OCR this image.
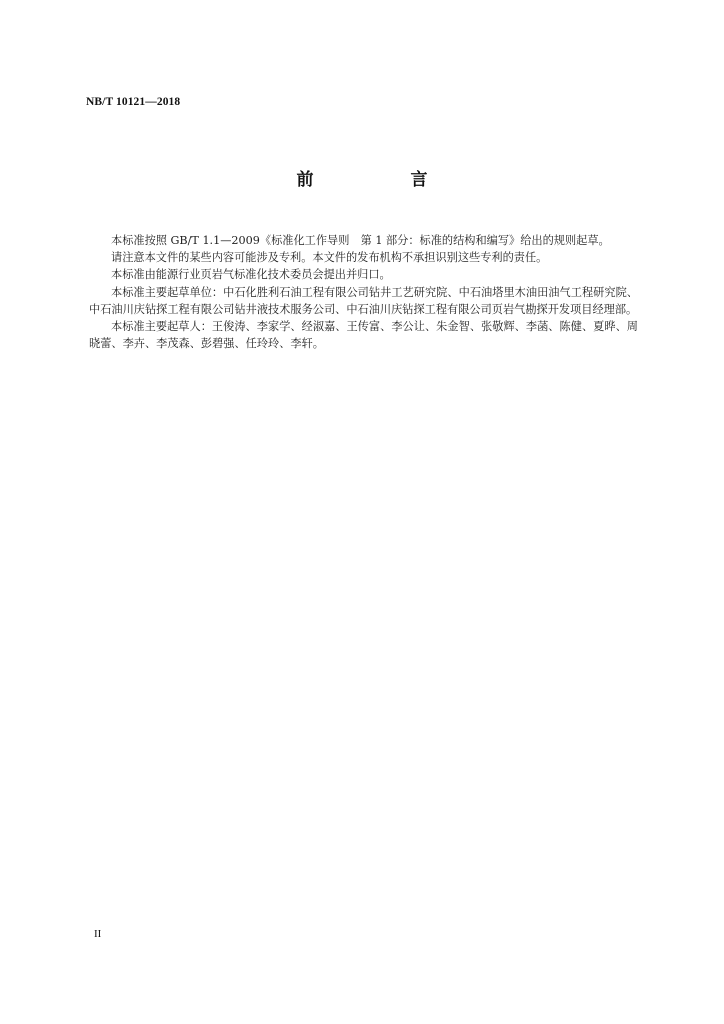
NB/T 10121—2018
前　言

本标准按照 GB/T 1.1—2009《标准化工作导则　第 1 部分：标准的结构和编写》给出的规则起草。

请注意本文件的某些内容可能涉及专利。本文件的发布机构不承担识别这些专利的责任。

本标准由能源行业页岩气标准化技术委员会提出并归口。

本标准主要起草单位：中石化胜利石油工程有限公司钻井工艺研究院、中石油塔里木油田油气工程研究院、中石油川庆钻探工程有限公司钻井液技术服务公司、中石油川庆钻探工程有限公司页岩气勘探开发项目经理部。

本标准主要起草人：王俊涛、李家学、经淑嘉、王传富、李公让、朱金智、张敬辉、李菡、陈健、夏晔、周晓蕾、李卉、李茂森、彭碧强、任玲玲、李轩。

II
